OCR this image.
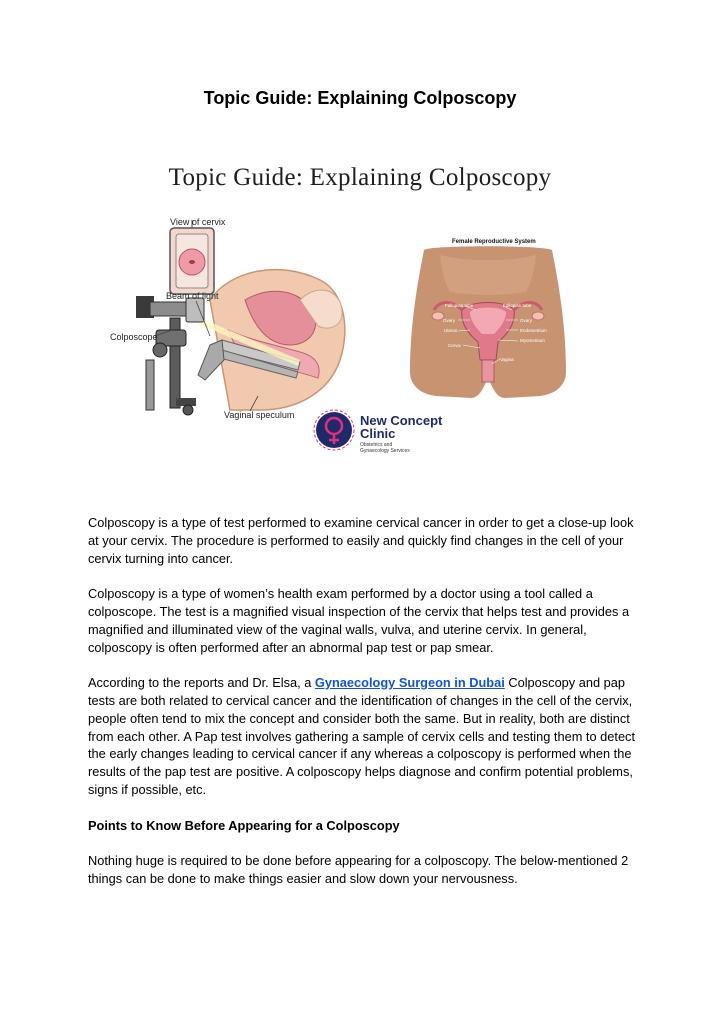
Topic Guide: Explaining Colposcopy
Topic Guide: Explaining Colposcopy
View of cervix
Beam of light
Colposcope
Vaginal speculum
Female Reproductive System
Fallopian tube	Fallopian tube
Ovary	Ovary
Uterus	Endometrium
Myometrium
Cervix
Vagina
New Concept
Clinic
Obstetrics and
Gynaecology Services

Colposcopy is a type of test performed to examine cervical cancer in order to get a close-up look at your cervix. The procedure is performed to easily and quickly find changes in the cell of your cervix turning into cancer.

Colposcopy is a type of women’s health exam performed by a doctor using a tool called a colposcope. The test is a magnified visual inspection of the cervix that helps test and provides a magnified and illuminated view of the vaginal walls, vulva, and uterine cervix. In general, colposcopy is often performed after an abnormal pap test or pap smear.

According to the reports and Dr. Elsa, a Gynaecology Surgeon in Dubai Colposcopy and pap tests are both related to cervical cancer and the identification of changes in the cell of the cervix, people often tend to mix the concept and consider both the same. But in reality, both are distinct from each other. A Pap test involves gathering a sample of cervix cells and testing them to detect the early changes leading to cervical cancer if any whereas a colposcopy is performed when the results of the pap test are positive. A colposcopy helps diagnose and confirm potential problems, signs if possible, etc.

Points to Know Before Appearing for a Colposcopy

Nothing huge is required to be done before appearing for a colposcopy. The below-mentioned 2 things can be done to make things easier and slow down your nervousness.
